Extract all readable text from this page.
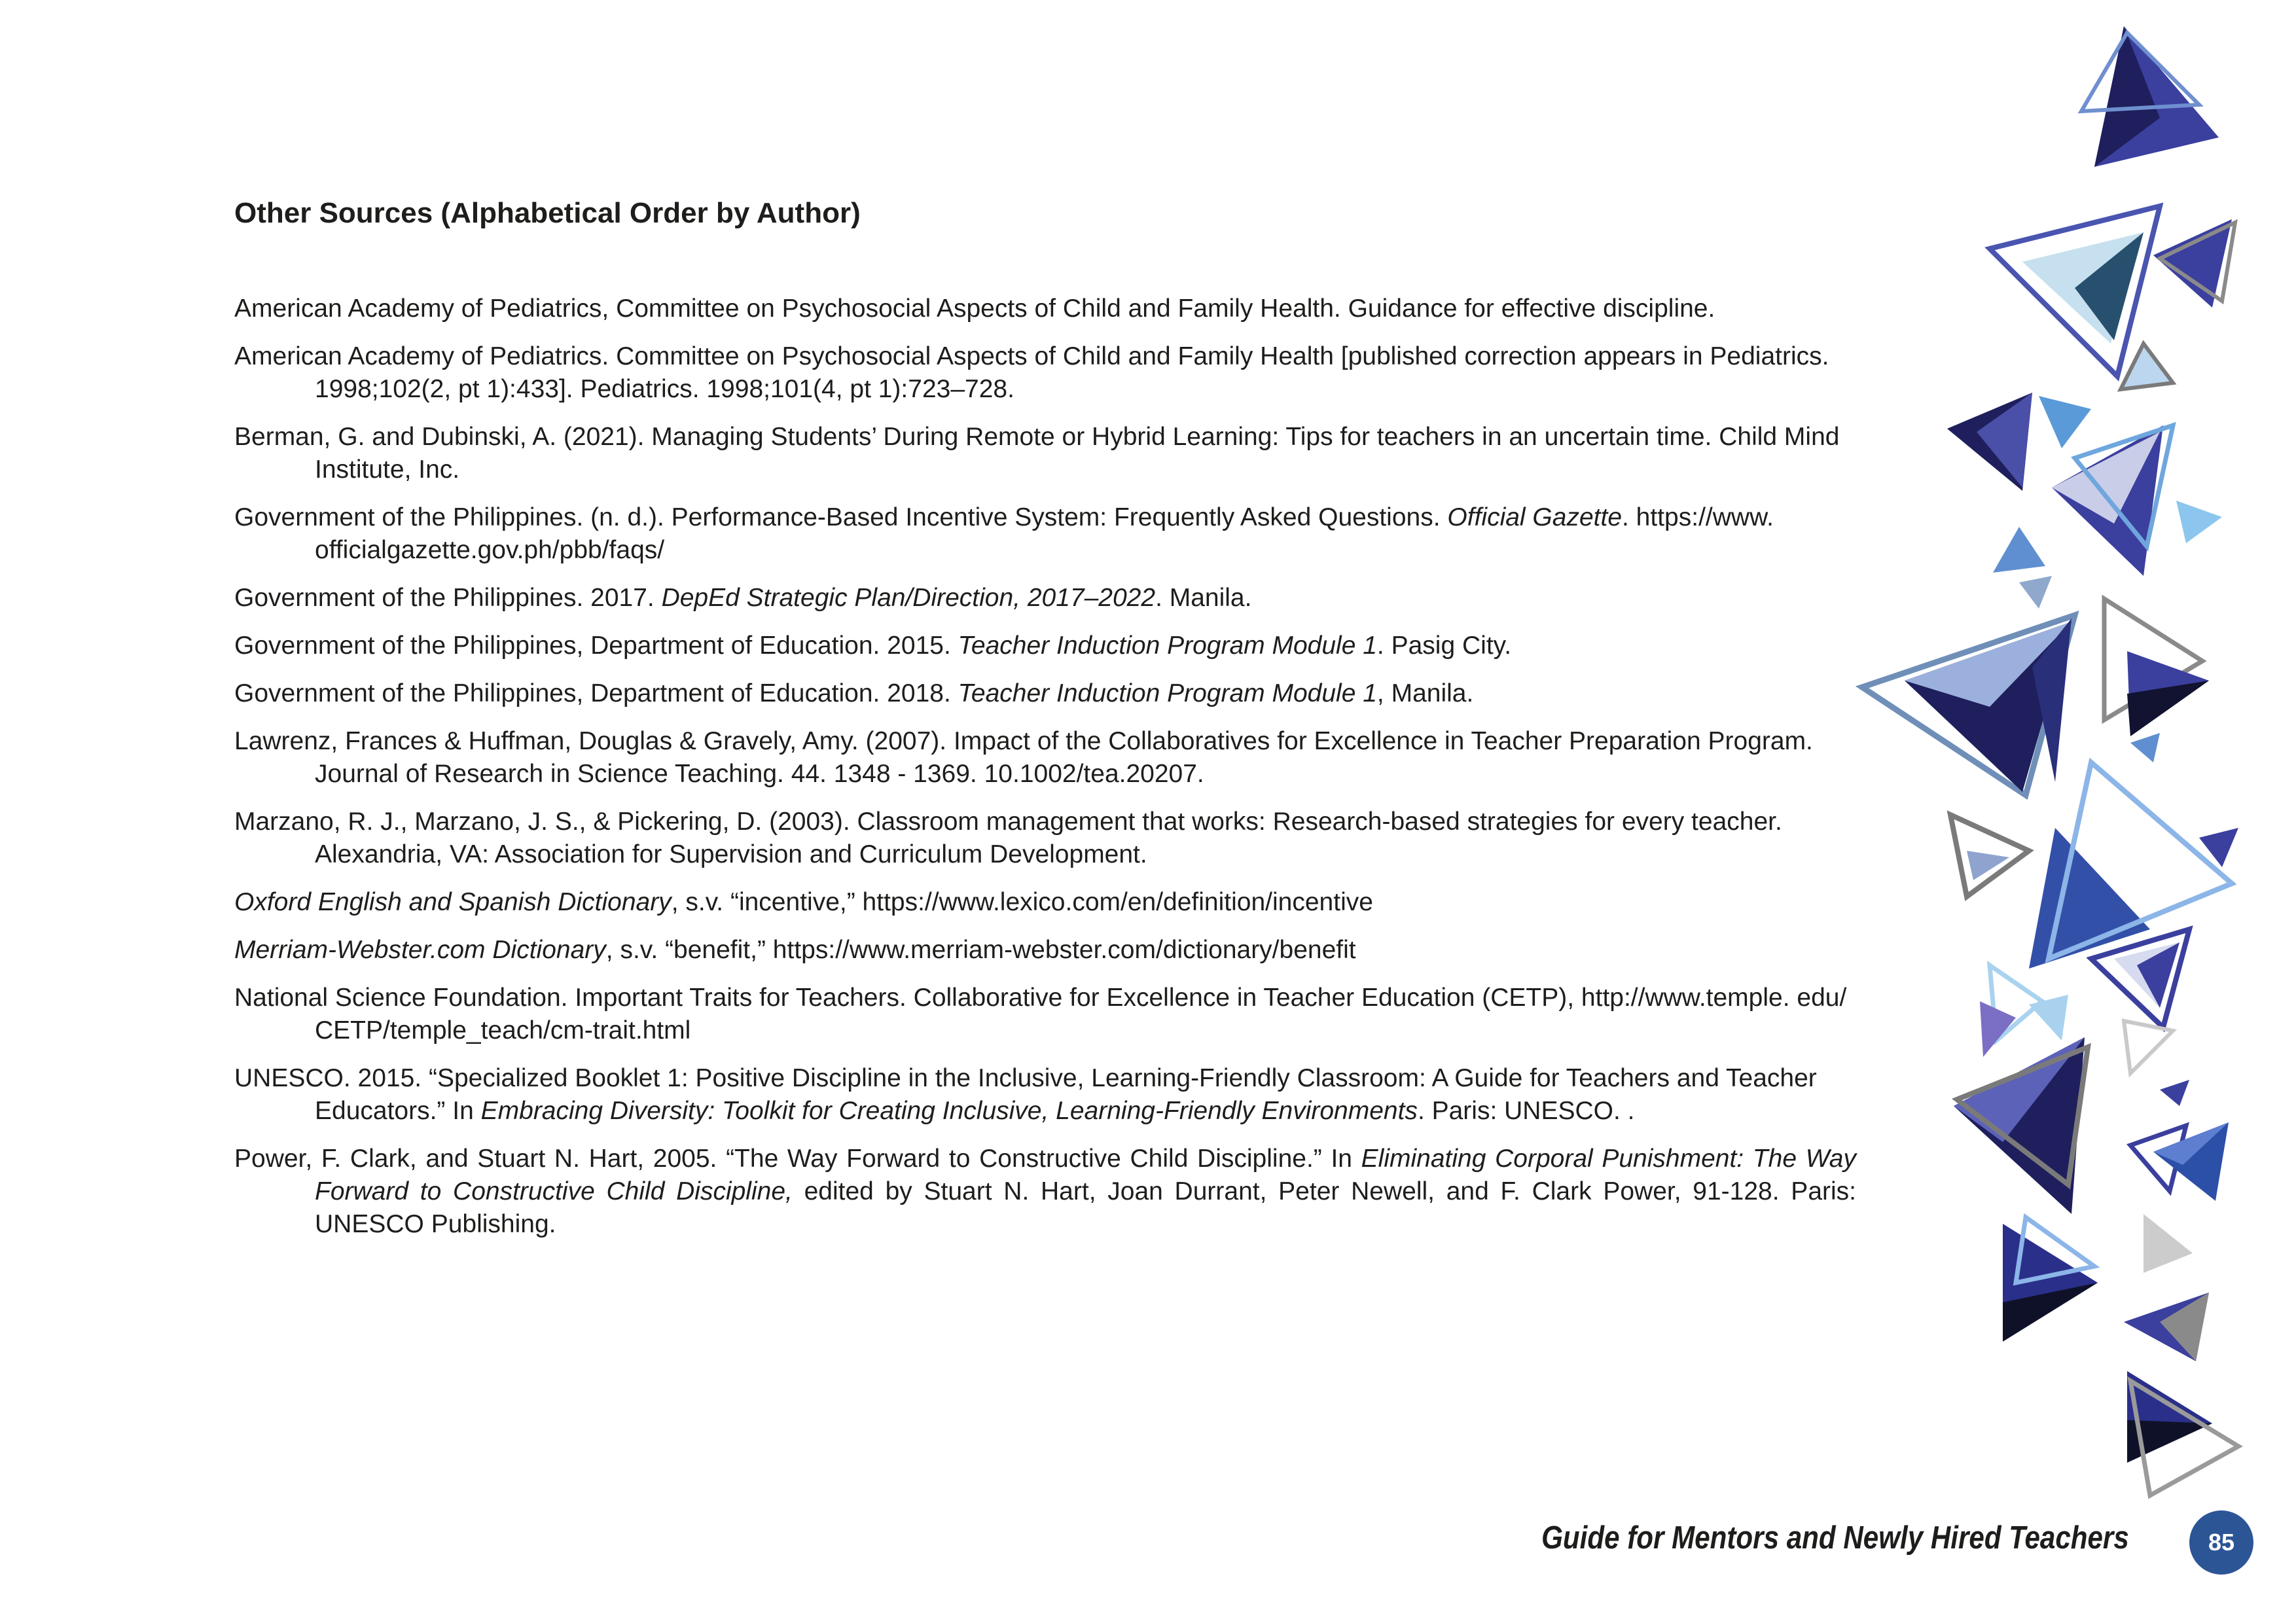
Other Sources (Alphabetical Order by Author)
American Academy of Pediatrics, Committee on Psychosocial Aspects of Child and Family Health. Guidance for effective discipline.
American Academy of Pediatrics. Committee on Psychosocial Aspects of Child and Family Health [published correction appears in Pediatrics. 1998;102(2, pt 1):433]. Pediatrics. 1998;101(4, pt 1):723–728.
Berman, G. and Dubinski, A. (2021). Managing Students’ During Remote or Hybrid Learning: Tips for teachers in an uncertain time. Child Mind Institute, Inc.
Government of the Philippines. (n. d.). Performance-Based Incentive System: Frequently Asked Questions. Official Gazette. https://www. officialgazette.gov.ph/pbb/faqs/
Government of the Philippines. 2017. DepEd Strategic Plan/Direction, 2017–2022. Manila.
Government of the Philippines, Department of Education. 2015. Teacher Induction Program Module 1. Pasig City.
Government of the Philippines, Department of Education. 2018. Teacher Induction Program Module 1, Manila.
Lawrenz, Frances & Huffman, Douglas & Gravely, Amy. (2007). Impact of the Collaboratives for Excellence in Teacher Preparation Program. Journal of Research in Science Teaching. 44. 1348 - 1369. 10.1002/tea.20207.
Marzano, R. J., Marzano, J. S., & Pickering, D. (2003). Classroom management that works: Research-based strategies for every teacher. Alexandria, VA: Association for Supervision and Curriculum Development.
Oxford English and Spanish Dictionary, s.v. “incentive,” https://www.lexico.com/en/definition/incentive
Merriam-Webster.com Dictionary, s.v. “benefit,” https://www.merriam-webster.com/dictionary/benefit
National Science Foundation. Important Traits for Teachers. Collaborative for Excellence in Teacher Education (CETP), http://www.temple. edu/ CETP/temple_teach/cm-trait.html
UNESCO. 2015. “Specialized Booklet 1: Positive Discipline in the Inclusive, Learning-Friendly Classroom: A Guide for Teachers and Teacher Educators.” In Embracing Diversity: Toolkit for Creating Inclusive, Learning-Friendly Environments. Paris: UNESCO. .
Power, F. Clark, and Stuart N. Hart, 2005. “The Way Forward to Constructive Child Discipline.” In Eliminating Corporal Punishment: The Way Forward to Constructive Child Discipline, edited by Stuart N. Hart, Joan Durrant, Peter Newell, and F. Clark Power, 91-128. Paris: UNESCO Publishing.
Guide for Mentors and Newly Hired Teachers	85
